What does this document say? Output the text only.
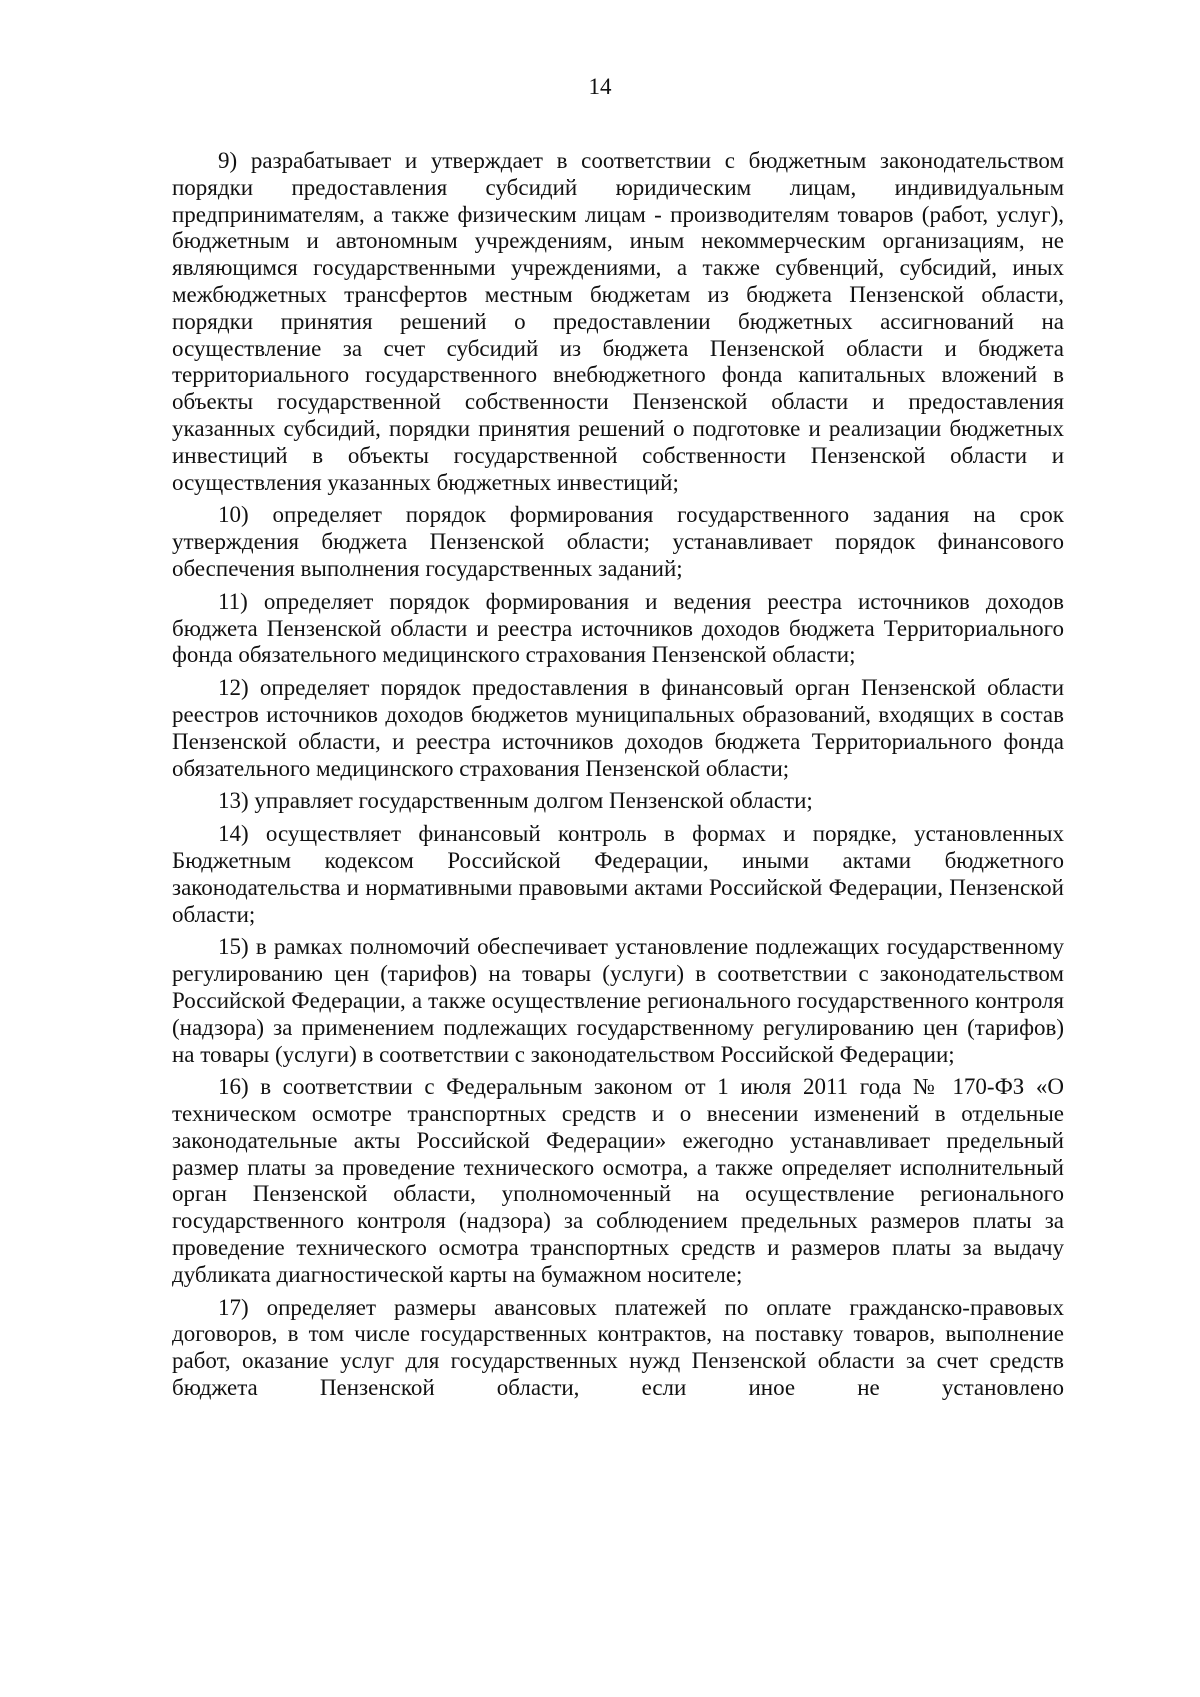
14

9) разрабатывает и утверждает в соответствии с бюджетным законодательством порядки предоставления субсидий юридическим лицам, индивидуальным предпринимателям, а также физическим лицам - производителям товаров (работ, услуг), бюджетным и автономным учреждениям, иным некоммерческим организациям, не являющимся государственными учреждениями, а также субвенций, субсидий, иных межбюджетных трансфертов местным бюджетам из бюджета Пензенской области, порядки принятия решений о предоставлении бюджетных ассигнований на осуществление за счет субсидий из бюджета Пензенской области и бюджета территориального государственного внебюджетного фонда капитальных вложений в объекты государственной собственности Пензенской области и предоставления указанных субсидий, порядки принятия решений о подготовке и реализации бюджетных инвестиций в объекты государственной собственности Пензенской области и осуществления указанных бюджетных инвестиций;

10) определяет порядок формирования государственного задания на срок утверждения бюджета Пензенской области; устанавливает порядок финансового обеспечения выполнения государственных заданий;

11) определяет порядок формирования и ведения реестра источников доходов бюджета Пензенской области и реестра источников доходов бюджета Территориального фонда обязательного медицинского страхования Пензенской области;

12) определяет порядок предоставления в финансовый орган Пензенской области реестров источников доходов бюджетов муниципальных образований, входящих в состав Пензенской области, и реестра источников доходов бюджета Территориального фонда обязательного медицинского страхования Пензенской области;

13) управляет государственным долгом Пензенской области;

14) осуществляет финансовый контроль в формах и порядке, установленных Бюджетным кодексом Российской Федерации, иными актами бюджетного законодательства и нормативными правовыми актами Российской Федерации, Пензенской области;

15) в рамках полномочий обеспечивает установление подлежащих государственному регулированию цен (тарифов) на товары (услуги) в соответствии с законодательством Российской Федерации, а также осуществление регионального государственного контроля (надзора) за применением подлежащих государственному регулированию цен (тарифов) на товары (услуги) в соответствии с законодательством Российской Федерации;

16) в соответствии с Федеральным законом от 1 июля 2011 года № 170-ФЗ «О техническом осмотре транспортных средств и о внесении изменений в отдельные законодательные акты Российской Федерации» ежегодно устанавливает предельный размер платы за проведение технического осмотра, а также определяет исполнительный орган Пензенской области, уполномоченный на осуществление регионального государственного контроля (надзора) за соблюдением предельных размеров платы за проведение технического осмотра транспортных средств и размеров платы за выдачу дубликата диагностической карты на бумажном носителе;

17) определяет размеры авансовых платежей по оплате гражданско-правовых договоров, в том числе государственных контрактов, на поставку товаров, выполнение работ, оказание услуг для государственных нужд Пензенской области за счет средств бюджета Пензенской области, если иное не установлено
